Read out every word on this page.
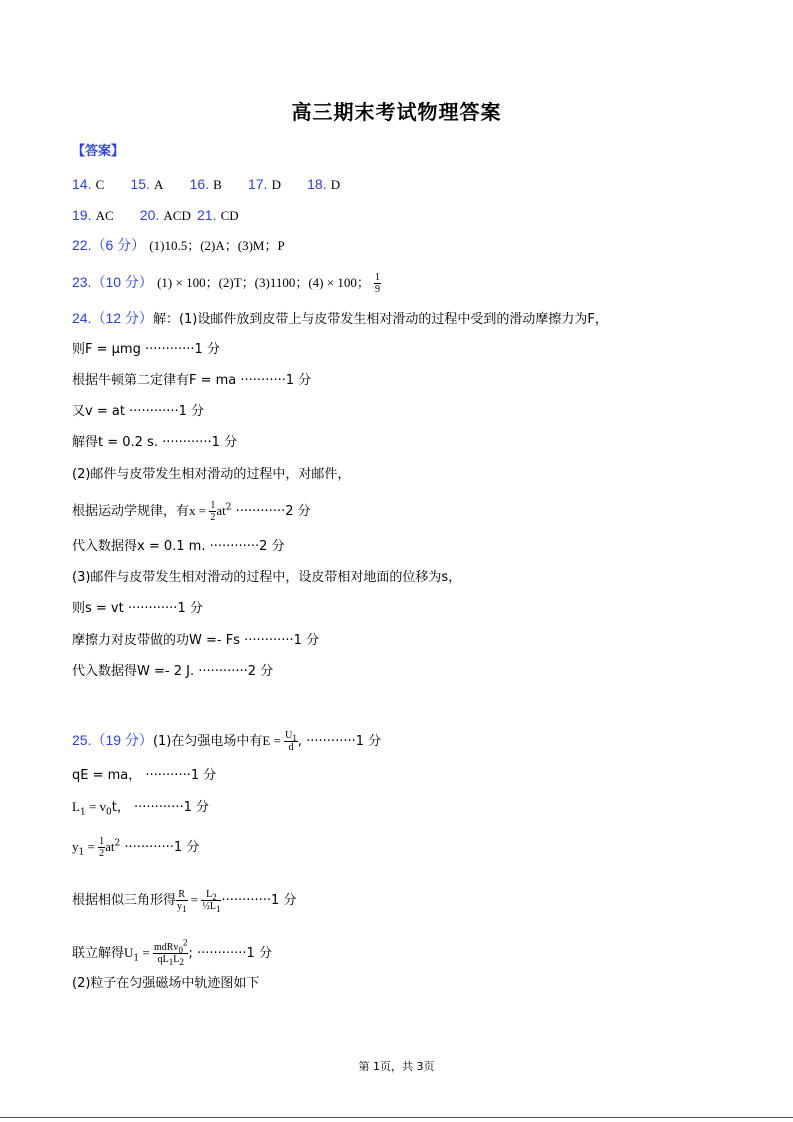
高三期末考试物理答案
【答案】
14. C 15. A 16. B 17. D 18. D
19. AC 20. ACD 21. CD
22.（6 分） (1)10.5；(2)A；(3)M；P
23.（10 分） (1) × 100；(2)T；(3)1100；(4) × 100； $\frac{1}{9}$
24.（12 分）解：(1)设邮件放到皮带上与皮带发生相对滑动的过程中受到的滑动摩擦力为F，
则F = μmg ············1 分
根据牛顿第二定律有F = ma ···········1 分
又v = at ············1 分
解得t = 0.2 s. ············1 分
(2)邮件与皮带发生相对滑动的过程中，对邮件，
根据运动学规律，有$x = \frac{1}{2} at^2 \cdot\cdot\cdot\cdot\cdot\cdot\cdot\cdot\cdot\cdot\cdot\cdot 2$ 分
代入数据得x = 0.1 m. ············2 分
(3)邮件与皮带发生相对滑动的过程中，设皮带相对地面的位移为s，
则s = vt ············1 分
摩擦力对皮带做的功W =- Fs ············1 分
代入数据得W =- 2 J. ············2 分
25.（19 分）(1)在匀强电场中有$E = \frac{U_1}{d}$ , ············1 分
qE = ma， ···········1 分
$L_1 = v_0t$， ············1 分
$y_1 = \frac{1}{2} at^2 \cdot\cdot\cdot\cdot\cdot\cdot\cdot\cdot\cdot\cdot\cdot\cdot 1$ 分
根据相似三角形得 $\frac{R}{y_1} = \frac{L_2}{\frac{1}{2}L_1} \cdot\cdot\cdot\cdot\cdot\cdot\cdot\cdot\cdot\cdot\cdot\cdot 1$ 分
联立解得$U_1 = \frac{mdRv_0^2}{qL_1L_2}$ ; ············1 分
(2)粒子在匀强磁场中轨迹图如下
第 1页，共 3页
